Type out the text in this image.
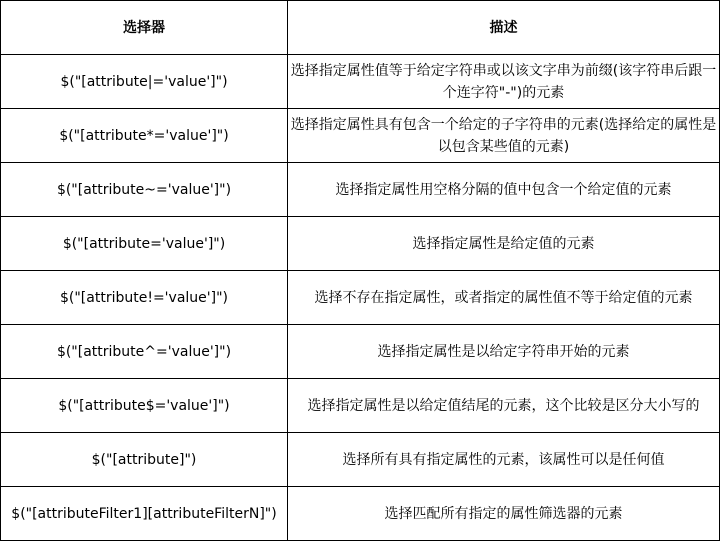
选择器	描述
$("[attribute|='value']")	选择指定属性值等于给定字符串或以该文字串为前缀(该字符串后跟一个连字符"-")的元素
$("[attribute*='value']")	选择指定属性具有包含一个给定的子字符串的元素(选择给定的属性是以包含某些值的元素)
$("[attribute~='value']")	选择指定属性用空格分隔的值中包含一个给定值的元素
$("[attribute='value']")	选择指定属性是给定值的元素
$("[attribute!='value']")	选择不存在指定属性，或者指定的属性值不等于给定值的元素
$("[attribute^='value']")	选择指定属性是以给定字符串开始的元素
$("[attribute$='value']")	选择指定属性是以给定值结尾的元素，这个比较是区分大小写的
$("[attribute]")	选择所有具有指定属性的元素，该属性可以是任何值
$("[attributeFilter1][attributeFilterN]")	选择匹配所有指定的属性筛选器的元素
